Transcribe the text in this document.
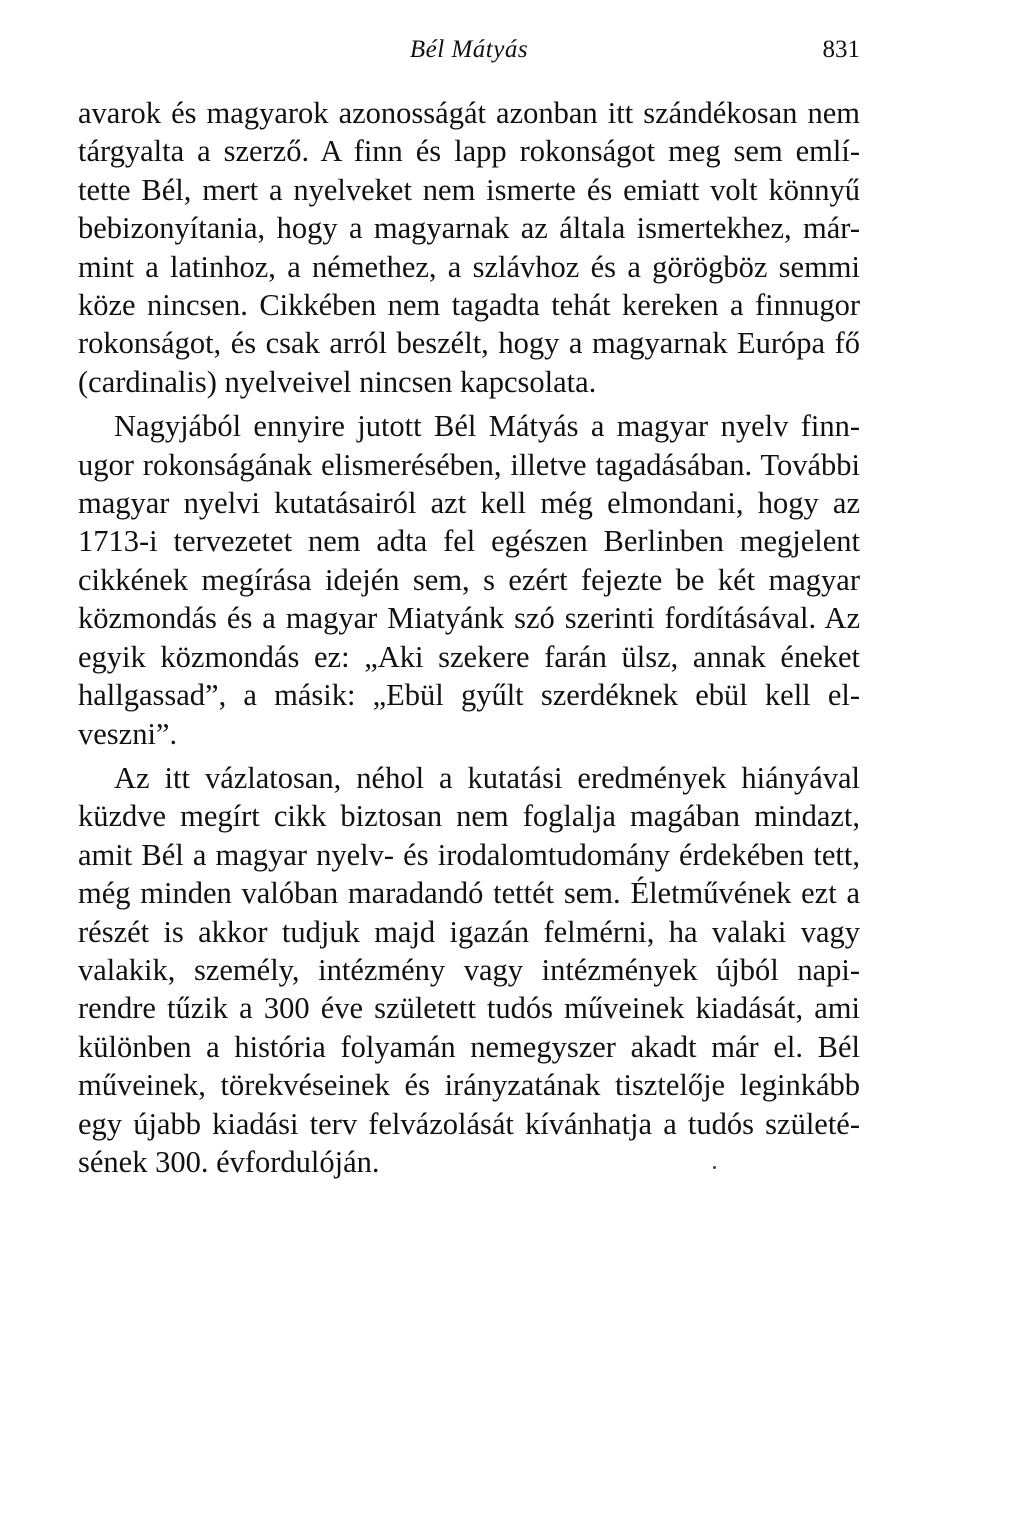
Bél Mátyás	831

avarok és magyarok azonosságát azonban itt szándékosan nem
tárgyalta a szerző. A finn és lapp rokonságot meg sem emlí-
tette Bél, mert a nyelveket nem ismerte és emiatt volt könnyű
bebizonyítania, hogy a magyarnak az általa ismertekhez, már-
mint a latinhoz, a némethez, a szlávhoz és a görögböz semmi
köze nincsen. Cikkében nem tagadta tehát kereken a finnugor
rokonságot, és csak arról beszélt, hogy a magyarnak Európa fő
(cardinalis) nyelveivel nincsen kapcsolata.

Nagyjából ennyire jutott Bél Mátyás a magyar nyelv finn-
ugor rokonságának elismerésében, illetve tagadásában. További
magyar nyelvi kutatásairól azt kell még elmondani, hogy az
1713-i tervezetet nem adta fel egészen Berlinben megjelent
cikkének megírása idején sem, s ezért fejezte be két magyar
közmondás és a magyar Miatyánk szó szerinti fordításával. Az
egyik közmondás ez: „Aki szekere farán ülsz, annak éneket
hallgassad”, a másik: „Ebül gyűlt szerdéknek ebül kell el-
veszni”.

Az itt vázlatosan, néhol a kutatási eredmények hiányával
küzdve megírt cikk biztosan nem foglalja magában mindazt,
amit Bél a magyar nyelv- és irodalomtudomány érdekében tett,
még minden valóban maradandó tettét sem. Életművének ezt a
részét is akkor tudjuk majd igazán felmérni, ha valaki vagy
valakik, személy, intézmény vagy intézmények újból napi-
rendre tűzik a 300 éve született tudós műveinek kiadását, ami
különben a história folyamán nemegyszer akadt már el. Bél
műveinek, törekvéseinek és irányzatának tisztelője leginkább
egy újabb kiadási terv felvázolását kívánhatja a tudós születé-
sének 300. évfordulóján.
